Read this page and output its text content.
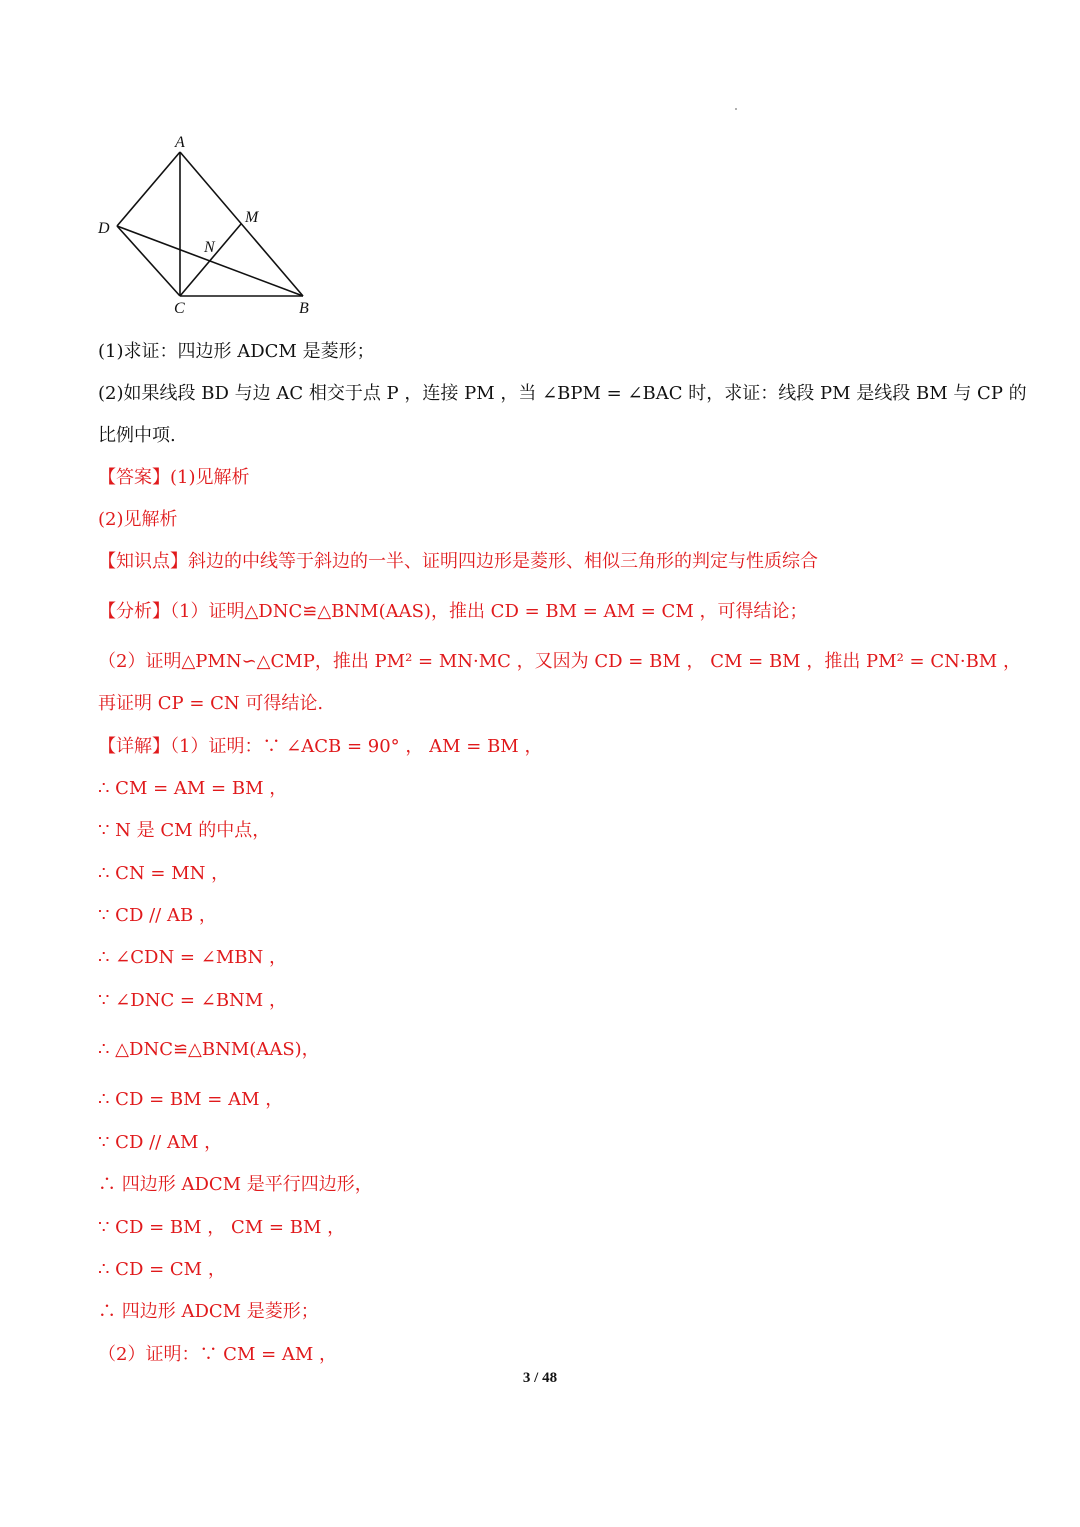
A
D
M
N
C	B
(1)求证：四边形 ADCM 是菱形；
(2)如果线段 BD 与边 AC 相交于点 P ，连接 PM ，当 ∠BPM = ∠BAC 时，求证：线段 PM 是线段 BM 与 CP 的
比例中项.
【答案】(1)见解析
(2)见解析
【知识点】斜边的中线等于斜边的一半、证明四边形是菱形、相似三角形的判定与性质综合
【分析】（1）证明△DNC≌△BNM(AAS)，推出 CD = BM = AM = CM ，可得结论；
（2）证明△PMN∽△CMP，推出 PM² = MN·MC ，又因为 CD = BM ， CM = BM ，推出 PM² = CN·BM ，
再证明 CP = CN 可得结论.
【详解】（1）证明：∵ ∠ACB = 90° ， AM = BM ，
∴ CM = AM = BM ，
∵ N 是 CM 的中点，
∴ CN = MN ，
∵ CD // AB ，
∴ ∠CDN = ∠MBN ，
∵ ∠DNC = ∠BNM ，
∴ △DNC≌△BNM(AAS)，
∴ CD = BM = AM ，
∵ CD // AM ，
∴ 四边形 ADCM 是平行四边形，
∵ CD = BM ， CM = BM ，
∴ CD = CM ，
∴ 四边形 ADCM 是菱形；
（2）证明：∵ CM = AM ，
3 / 48
